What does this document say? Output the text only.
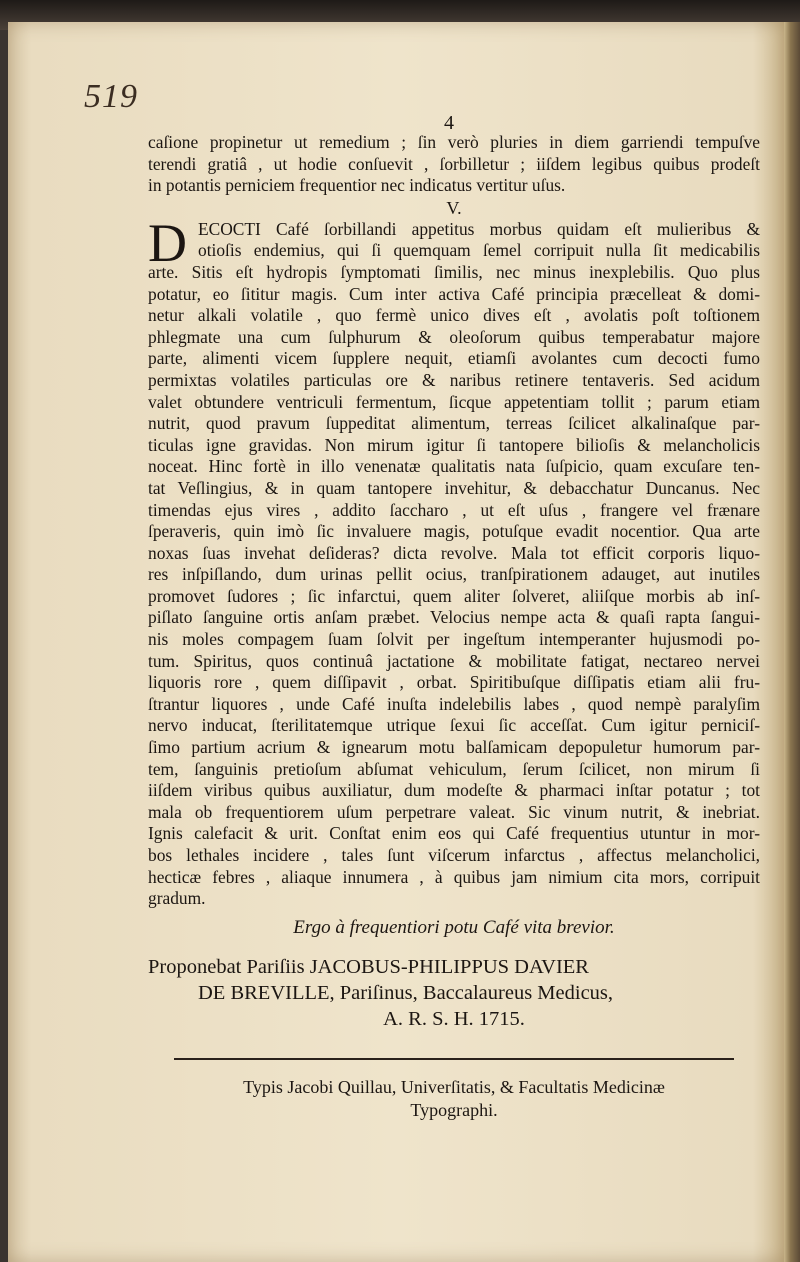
519
4
caſione propinetur ut remedium ; ſin verò pluries in diem garriendi tempuſve
terendi gratiâ , ut hodie conſuevit , ſorbilletur ; iiſdem legibus quibus prodeſt
in potantis perniciem frequentior nec indicatus vertitur uſus.
V.
D ECOCTI Café ſorbillandi appetitus morbus quidam eſt mulieribus &
otioſis endemius, qui ſi quemquam ſemel corripuit nulla ſit medicabilis
arte. Sitis eſt hydropis ſymptomati ſimilis, nec minus inexplebilis. Quo plus
potatur, eo ſititur magis. Cum inter activa Café principia præcelleat & domi-
netur alkali volatile , quo fermè unico dives eſt , avolatis poſt toſtionem
phlegmate una cum ſulphurum & oleoſorum quibus temperabatur majore
parte, alimenti vicem ſupplere nequit, etiamſi avolantes cum decocti fumo
permixtas volatiles particulas ore & naribus retinere tentaveris. Sed acidum
valet obtundere ventriculi fermentum, ſicque appetentiam tollit ; parum etiam
nutrit, quod pravum ſuppeditat alimentum, terreas ſcilicet alkalinaſque par-
ticulas igne gravidas. Non mirum igitur ſi tantopere bilioſis & melancholicis
noceat. Hinc fortè in illo venenatæ qualitatis nata ſuſpicio, quam excuſare ten-
tat Veſlingius, & in quam tantopere invehitur, & debacchatur Duncanus. Nec
timendas ejus vires , addito ſaccharo , ut eſt uſus , frangere vel frænare
ſperaveris, quin imò ſic invaluere magis, potuſque evadit nocentior. Qua arte
noxas ſuas invehat deſideras? dicta revolve. Mala tot efficit corporis liquo-
res inſpiſlando, dum urinas pellit ocius, tranſpirationem adauget, aut inutiles
promovet ſudores ; ſic infarctui, quem aliter ſolveret, aliiſque morbis ab inſ-
piſlato ſanguine ortis anſam præbet. Velocius nempe acta & quaſi rapta ſangui-
nis moles compagem ſuam ſolvit per ingeſtum intemperanter hujusmodi po-
tum. Spiritus, quos continuâ jactatione & mobilitate fatigat, nectareo nervei
liquoris rore , quem diſſipavit , orbat. Spiritibuſque diſſipatis etiam alii fru-
ſtrantur liquores , unde Café inuſta indelebilis labes , quod nempè paralyſim
nervo inducat, ſterilitatemque utrique ſexui ſic acceſſat. Cum igitur perniciſ-
ſimo partium acrium & ignearum motu balſamicam depopuletur humorum par-
tem, ſanguinis pretioſum abſumat vehiculum, ſerum ſcilicet, non mirum ſi
iiſdem viribus quibus auxiliatur, dum modeſte & pharmaci inſtar potatur ; tot
mala ob frequentiorem uſum perpetrare valeat. Sic vinum nutrit, & inebriat.
Ignis calefacit & urit. Conſtat enim eos qui Café frequentius utuntur in mor-
bos lethales incidere , tales ſunt viſcerum infarctus , affectus melancholici,
hecticæ febres , aliaque innumera , à quibus jam nimium cita mors, corripuit
gradum.
Ergo à frequentiori potu Café vita brevior.
Proponebat Pariſiis JACOBUS-PHILIPPUS DAVIER
DE BREVILLE, Pariſinus, Baccalaureus Medicus,
A. R. S. H. 1715.
Typis Jacobi Quillau, Univerſitatis, & Facultatis Medicinæ
Typographi.
